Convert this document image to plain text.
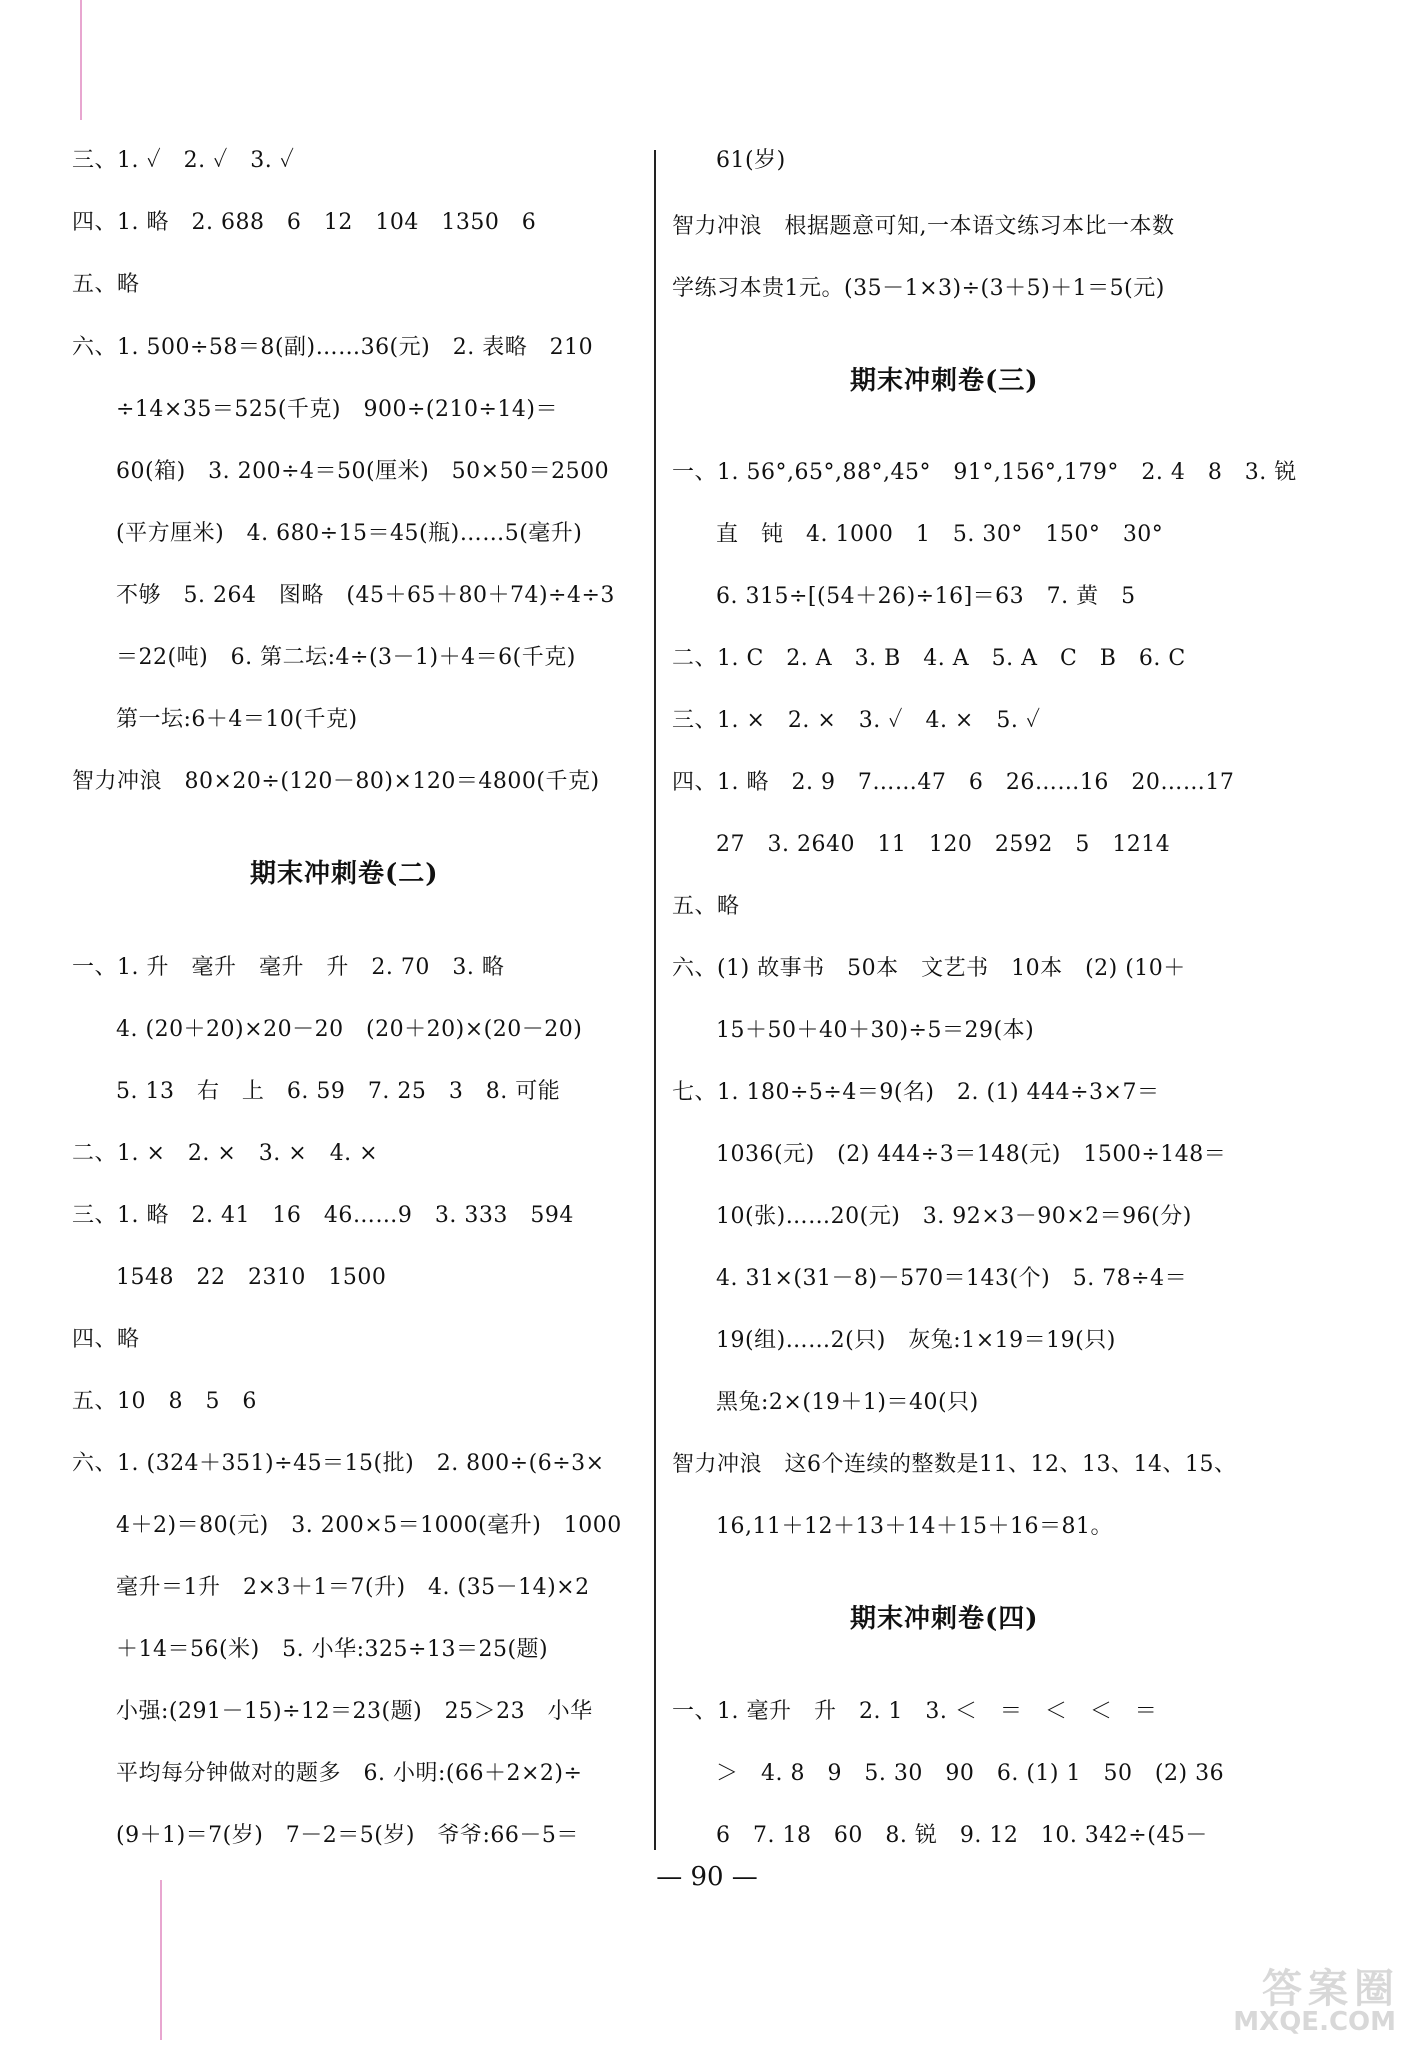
三、1. ✓   2. ✓   3. ✓
四、1. 略   2. 688   6   12   104   1350   6
五、略
六、1. 500÷58＝8(副)……36(元)   2. 表略   210
÷14×35＝525(千克)   900÷(210÷14)＝
60(箱)   3. 200÷4＝50(厘米)   50×50＝2500
(平方厘米)   4. 680÷15＝45(瓶)……5(毫升)
不够   5. 264   图略   (45＋65＋80＋74)÷4÷3
＝22(吨)   6. 第二坛:4÷(3－1)＋4＝6(千克)
第一坛:6＋4＝10(千克)
智力冲浪   80×20÷(120－80)×120＝4800(千克)
期末冲刺卷(二)
一、1. 升   毫升   毫升   升   2. 70   3. 略
4. (20＋20)×20－20   (20＋20)×(20－20)
5. 13   右   上   6. 59   7. 25   3   8. 可能
二、1. ×   2. ×   3. ×   4. ×
三、1. 略   2. 41   16   46……9   3. 333   594
1548   22   2310   1500
四、略
五、10   8   5   6
六、1. (324＋351)÷45＝15(批)   2. 800÷(6÷3×
4＋2)＝80(元)   3. 200×5＝1000(毫升)   1000
毫升＝1升   2×3＋1＝7(升)   4. (35－14)×2
＋14＝56(米)   5. 小华:325÷13＝25(题)
小强:(291－15)÷12＝23(题)   25＞23   小华
平均每分钟做对的题多   6. 小明:(66＋2×2)÷
(9＋1)＝7(岁)   7－2＝5(岁)   爷爷:66－5＝
61(岁)
智力冲浪   根据题意可知,一本语文练习本比一本数
学练习本贵1元。(35－1×3)÷(3＋5)＋1＝5(元)
期末冲刺卷(三)
一、1. 56°,65°,88°,45°   91°,156°,179°   2. 4   8   3. 锐
直   钝   4. 1000   1   5. 30°   150°   30°
6. 315÷[(54＋26)÷16]＝63   7. 黄   5
二、1. C   2. A   3. B   4. A   5. A   C   B   6. C
三、1. ×   2. ×   3. ✓   4. ×   5. ✓
四、1. 略   2. 9   7……47   6   26……16   20……17
27   3. 2640   11   120   2592   5   1214
五、略
六、(1) 故事书   50本   文艺书   10本   (2) (10＋
15＋50＋40＋30)÷5＝29(本)
七、1. 180÷5÷4＝9(名)   2. (1) 444÷3×7＝
1036(元)   (2) 444÷3＝148(元)   1500÷148＝
10(张)……20(元)   3. 92×3－90×2＝96(分)
4. 31×(31－8)－570＝143(个)   5. 78÷4＝
19(组)……2(只)   灰兔:1×19＝19(只)
黑兔:2×(19＋1)＝40(只)
智力冲浪   这6个连续的整数是11、12、13、14、15、
16,11＋12＋13＋14＋15＋16＝81。
期末冲刺卷(四)
一、1. 毫升   升   2. 1   3. ＜   ＝   ＜   ＜   ＝
＞   4. 8   9   5. 30   90   6. (1) 1   50   (2) 36
6   7. 18   60   8. 锐   9. 12   10. 342÷(45－
— 90 —
答案圈
MXQE.COM
